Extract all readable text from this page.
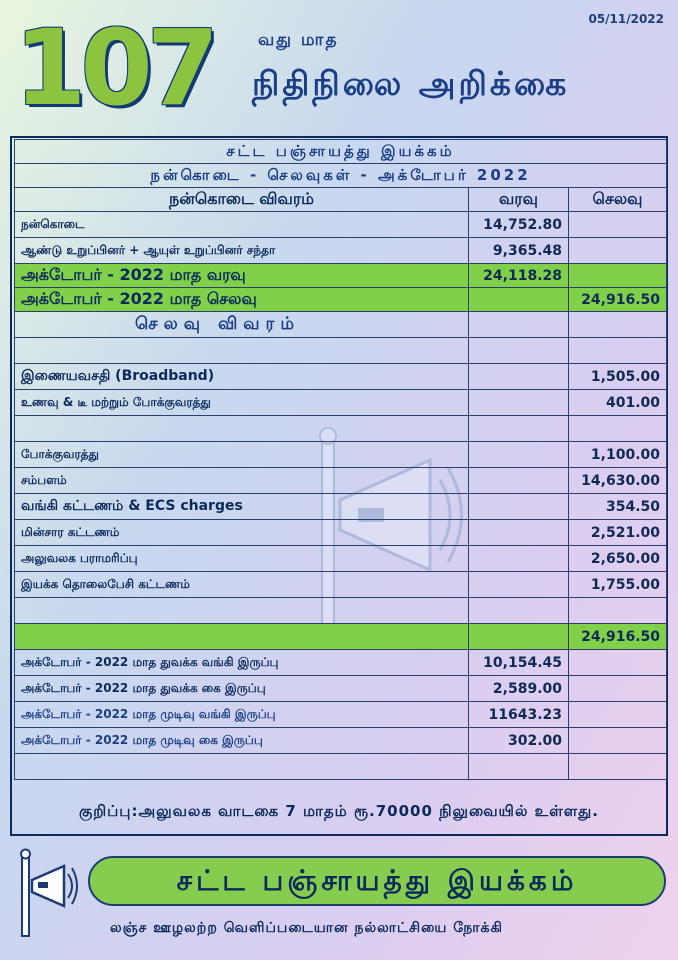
05/11/2022
107	வது மாத
நிதிநிலை அறிக்கை
சட்ட பஞ்சாயத்து இயக்கம்		
நன்கொடை - செலவுகள் - அக்டோபர் 2022		
நன்கொடை விவரம்	வரவு	செலவு
நன்கொடை	14,752.80	
ஆண்டு உறுப்பினர் + ஆயுள் உறுப்பினர் சந்தா	9,365.48	
அக்டோபர் - 2022 மாத வரவு	24,118.28	
அக்டோபர் - 2022 மாத செலவு		24,916.50
செலவு விவரம்		

இணையவசதி (Broadband)		1,505.00
உணவு & டீ மற்றும் போக்குவரத்து		401.00

போக்குவரத்து		1,100.00
சம்பளம்		14,630.00
வங்கி கட்டணம் & ECS charges		354.50
மின்சார கட்டணம்		2,521.00
அலுவலக பராமரிப்பு		2,650.00
இயக்க தொலைபேசி கட்டணம்		1,755.00

		24,916.50
அக்டோபர் - 2022 மாத துவக்க வங்கி இருப்பு	10,154.45	
அக்டோபர் - 2022 மாத துவக்க கை இருப்பு	2,589.00	
அக்டோபர் - 2022 மாத முடிவு வங்கி இருப்பு	11643.23	
அக்டோபர் - 2022 மாத முடிவு கை இருப்பு	302.00	

குறிப்பு:அலுவலக வாடகை 7 மாதம் ரூ.70000 நிலுவையில் உள்ளது.
சட்ட பஞ்சாயத்து இயக்கம்
லஞ்ச ஊழலற்ற வெளிப்படையான நல்லாட்சியை நோக்கி
